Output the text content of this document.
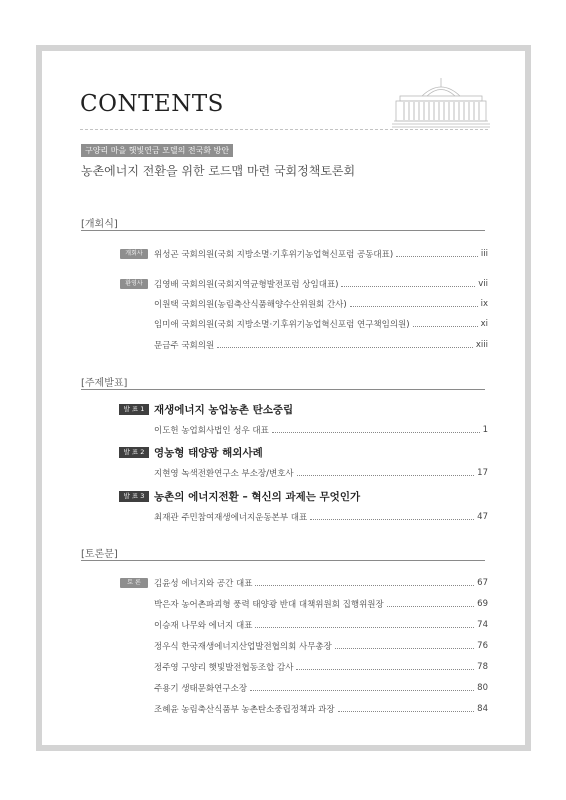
CONTENTS
구양리 마을 햇빛연금 모델의 전국화 방안
농촌에너지 전환을 위한 로드맵 마련 국회정책토론회
[개회식]
개회사	위성곤 국회의원(국회 지방소멸·기후위기농업혁신포럼 공동대표)	iii
환영사	김영배 국회의원(국회지역균형발전포럼 상임대표)	vii
이원택 국회의원(농림축산식품해양수산위원회 간사)	ix
임미애 국회의원(국회 지방소멸·기후위기농업혁신포럼 연구책임의원)	xi
문금주 국회의원	xiii
[주제발표]
발 표 1 재생에너지 농업농촌 탄소중립
이도헌 농업회사법인 성우 대표	1
발 표 2 영농형 태양광 해외사례
지현영 녹색전환연구소 부소장/변호사	17
발 표 3 농촌의 에너지전환 – 혁신의 과제는 무엇인가
최재관 주민참여재생에너지운동본부 대표	47
[토론문]
토 론	김윤성 에너지와 공간 대표	67
박은자 농어촌파괴형 풍력 태양광 반대 대책위원회 집행위원장	69
이승재 나무와 에너지 대표	74
정우식 한국재생에너지산업발전협의회 사무총장	76
정주영 구양리 햇빛발전협동조합 감사	78
주용기 생태문화연구소장	80
조혜윤 농림축산식품부 농촌탄소중립정책과 과장	84
